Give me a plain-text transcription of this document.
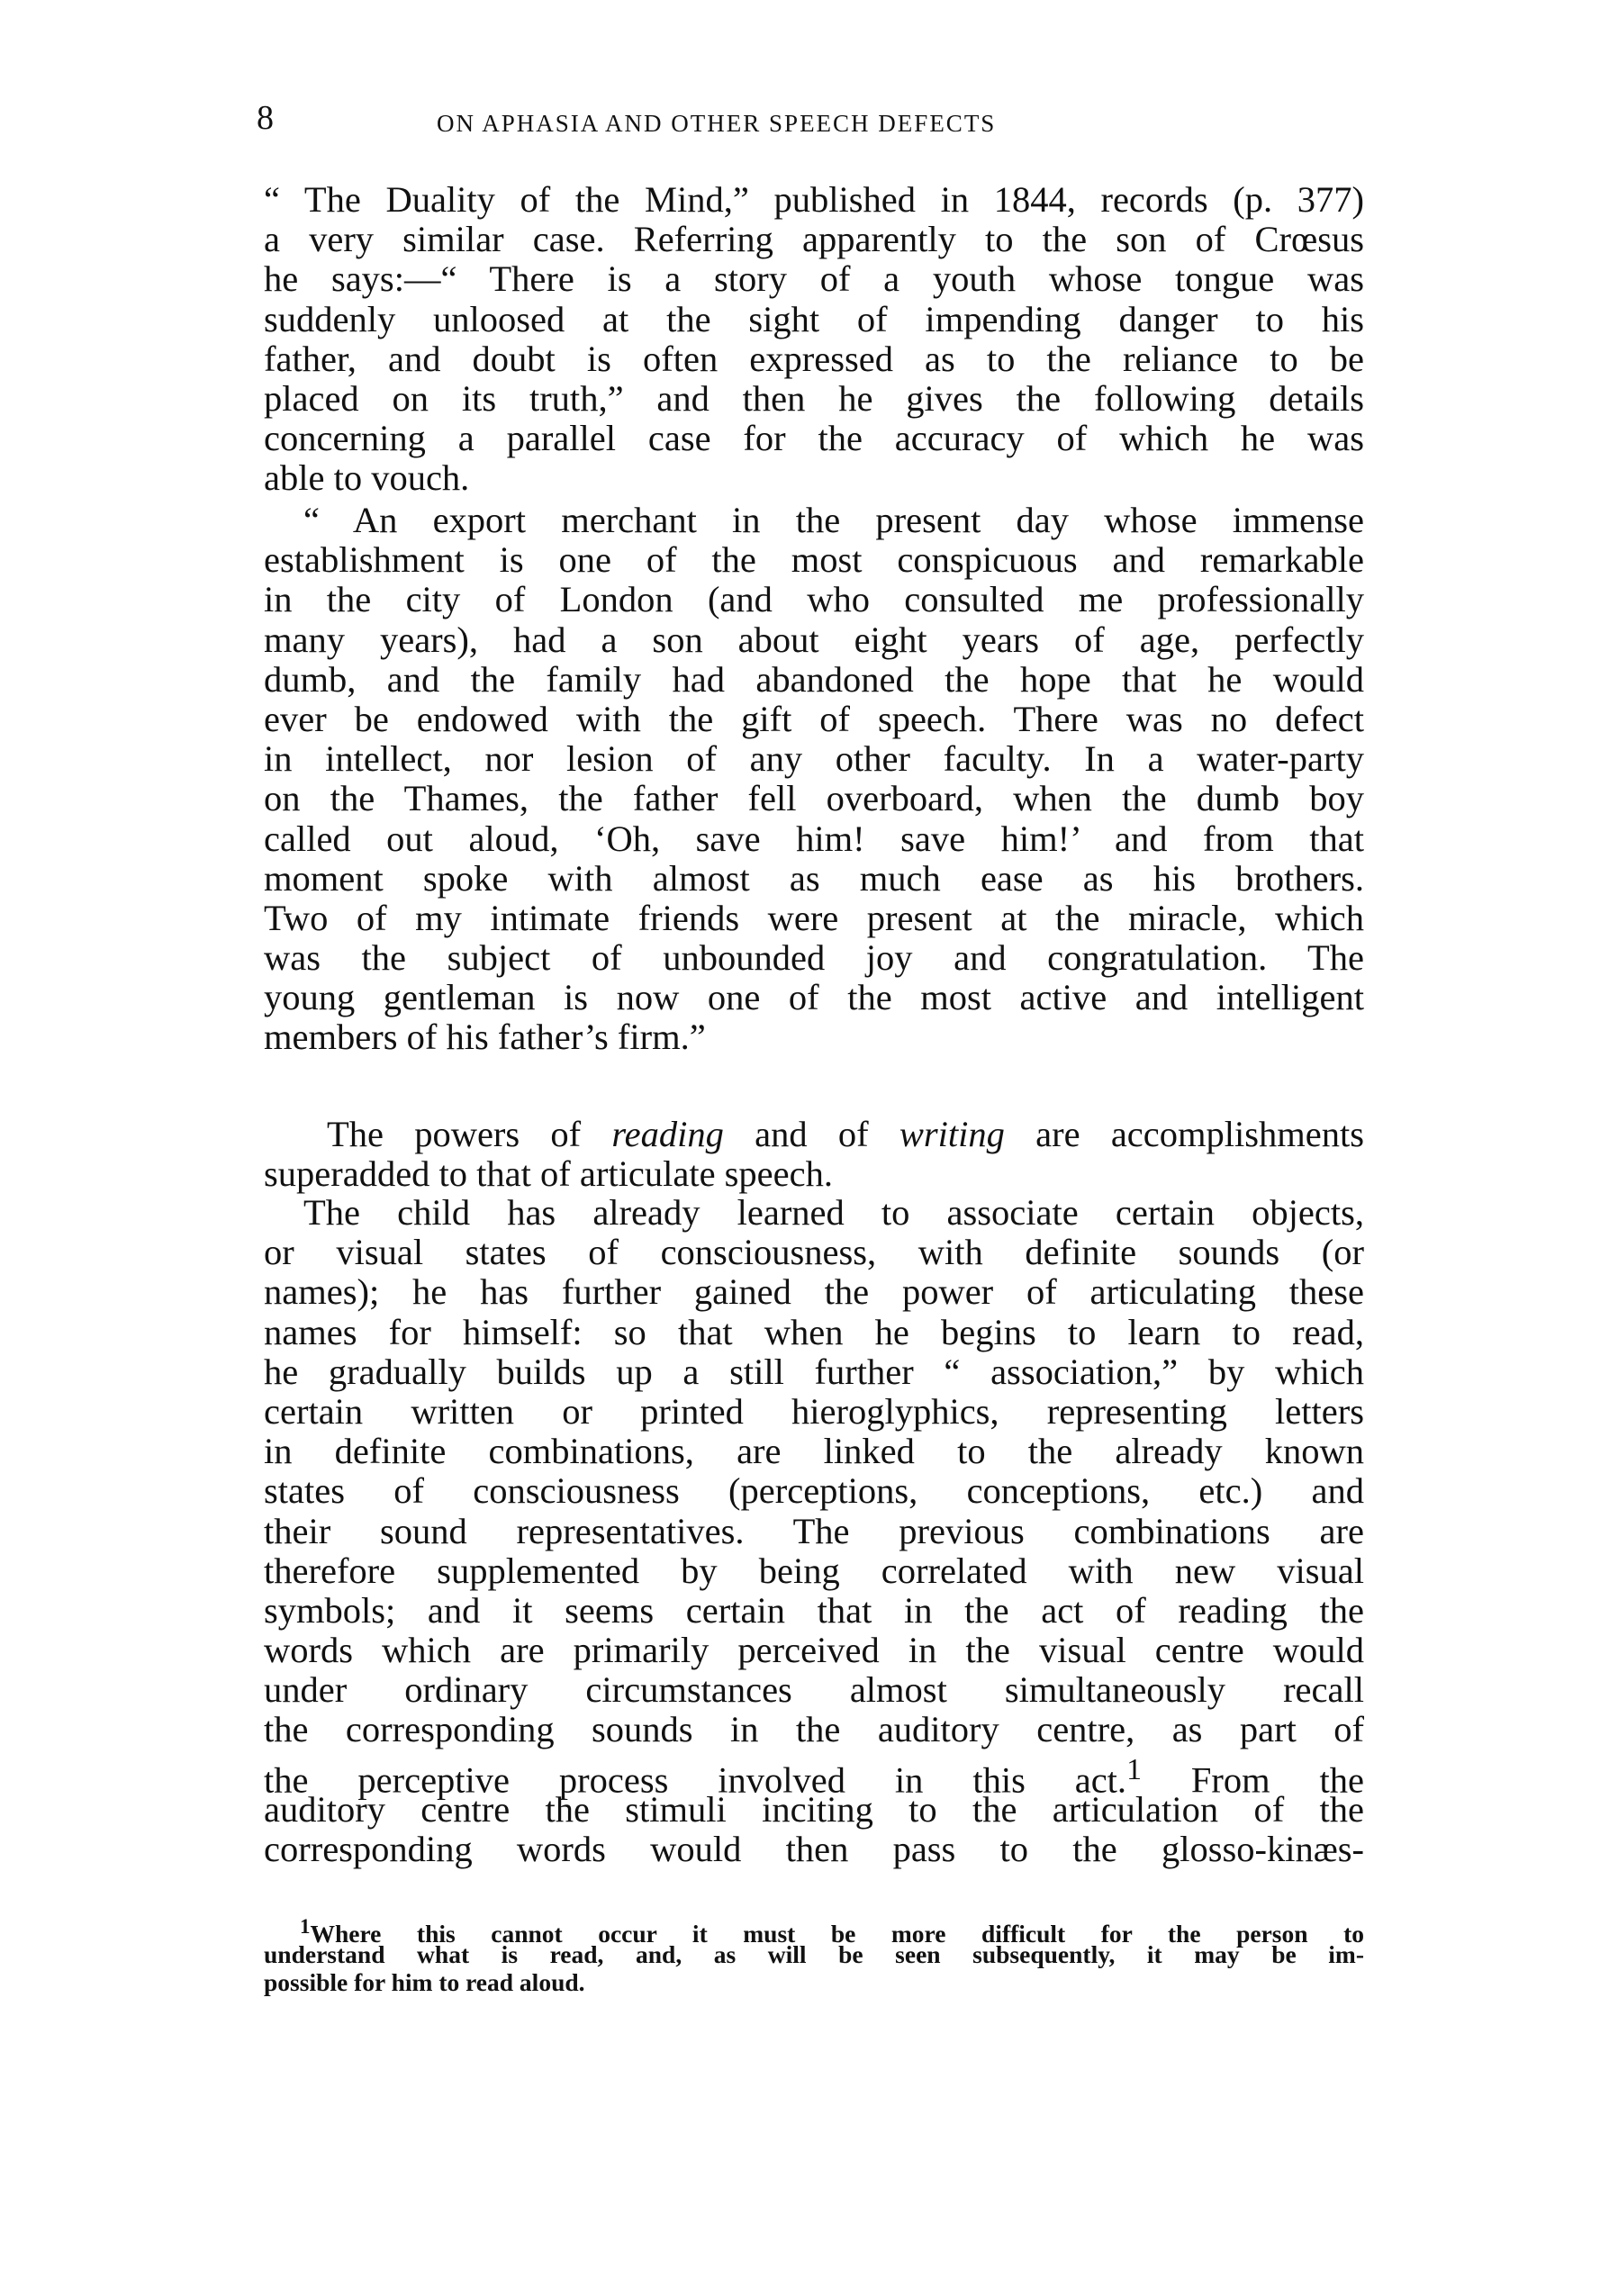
8	ON APHASIA AND OTHER SPEECH DEFECTS
“ The Duality of the Mind,” published in 1844, records (p. 377)
a very similar case. Referring apparently to the son of Crœsus
he says:—“ There is a story of a youth whose tongue was
suddenly unloosed at the sight of impending danger to his
father, and doubt is often expressed as to the reliance to be
placed on its truth,” and then he gives the following details
concerning a parallel case for the accuracy of which he was
able to vouch.
“ An export merchant in the present day whose immense
establishment is one of the most conspicuous and remarkable
in the city of London (and who consulted me professionally
many years), had a son about eight years of age, perfectly
dumb, and the family had abandoned the hope that he would
ever be endowed with the gift of speech. There was no defect
in intellect, nor lesion of any other faculty. In a water-party
on the Thames, the father fell overboard, when the dumb boy
called out aloud, ‘Oh, save him! save him!’ and from that
moment spoke with almost as much ease as his brothers.
Two of my intimate friends were present at the miracle, which
was the subject of unbounded joy and congratulation. The
young gentleman is now one of the most active and intelligent
members of his father’s firm.”
The powers of reading and of writing are accomplishments
superadded to that of articulate speech.
The child has already learned to associate certain objects,
or visual states of consciousness, with definite sounds (or
names); he has further gained the power of articulating these
names for himself: so that when he begins to learn to read,
he gradually builds up a still further “ association,” by which
certain written or printed hieroglyphics, representing letters
in definite combinations, are linked to the already known
states of consciousness (perceptions, conceptions, etc.) and
their sound representatives. The previous combinations are
therefore supplemented by being correlated with new visual
symbols; and it seems certain that in the act of reading the
words which are primarily perceived in the visual centre would
under ordinary circumstances almost simultaneously recall
the corresponding sounds in the auditory centre, as part of
the perceptive process involved in this act.$^1$ From the
auditory centre the stimuli inciting to the articulation of the
corresponding words would then pass to the glosso-kinæs-
$^1$Where this cannot occur it must be more difficult for the person to
understand what is read, and, as will be seen subsequently, it may be im-
possible for him to read aloud.
